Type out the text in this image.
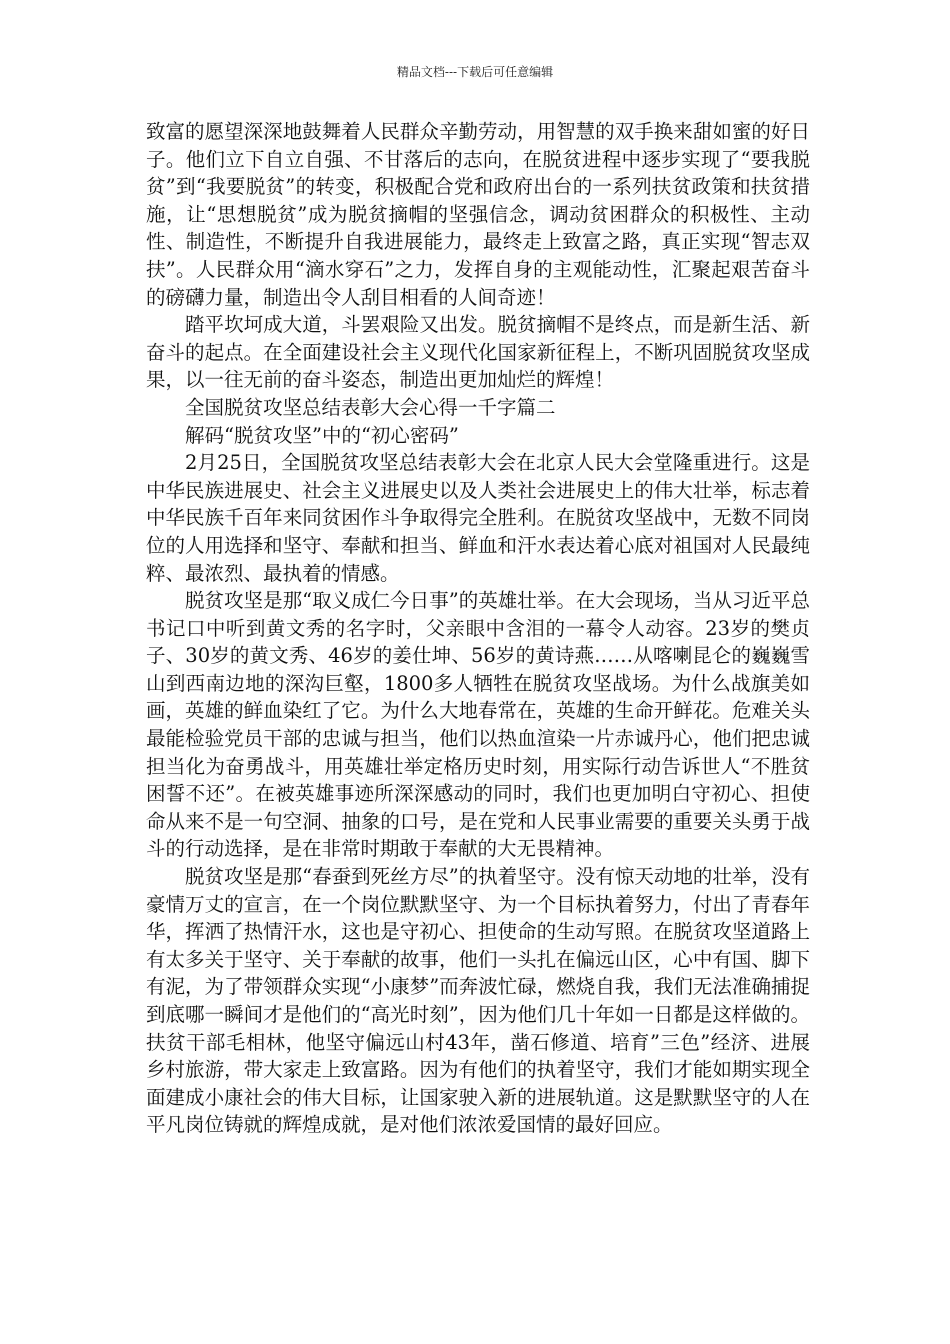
精品文档---下载后可任意编辑

致富的愿望深深地鼓舞着人民群众辛勤劳动，用智慧的双手换来甜如蜜的好日子。他们立下自立自强、不甘落后的志向，在脱贫进程中逐步实现了“要我脱贫”到“我要脱贫”的转变，积极配合党和政府出台的一系列扶贫政策和扶贫措施，让“思想脱贫”成为脱贫摘帽的坚强信念，调动贫困群众的积极性、主动性、制造性，不断提升自我进展能力，最终走上致富之路，真正实现“智志双扶”。人民群众用“滴水穿石”之力，发挥自身的主观能动性，汇聚起艰苦奋斗的磅礴力量，制造出令人刮目相看的人间奇迹！

踏平坎坷成大道，斗罢艰险又出发。脱贫摘帽不是终点，而是新生活、新奋斗的起点。在全面建设社会主义现代化国家新征程上，不断巩固脱贫攻坚成果，以一往无前的奋斗姿态，制造出更加灿烂的辉煌！

全国脱贫攻坚总结表彰大会心得一千字篇二

解码“脱贫攻坚”中的“初心密码”

2月25日，全国脱贫攻坚总结表彰大会在北京人民大会堂隆重进行。这是中华民族进展史、社会主义进展史以及人类社会进展史上的伟大壮举，标志着中华民族千百年来同贫困作斗争取得完全胜利。在脱贫攻坚战中，无数不同岗位的人用选择和坚守、奉献和担当、鲜血和汗水表达着心底对祖国对人民最纯粹、最浓烈、最执着的情感。

脱贫攻坚是那“取义成仁今日事”的英雄壮举。在大会现场，当从习近平总书记口中听到黄文秀的名字时，父亲眼中含泪的一幕令人动容。23岁的樊贞子、30岁的黄文秀、46岁的姜仕坤、56岁的黄诗燕……从喀喇昆仑的巍巍雪山到西南边地的深沟巨壑，1800多人牺牲在脱贫攻坚战场。为什么战旗美如画，英雄的鲜血染红了它。为什么大地春常在，英雄的生命开鲜花。危难关头最能检验党员干部的忠诚与担当，他们以热血渲染一片赤诚丹心，他们把忠诚担当化为奋勇战斗，用英雄壮举定格历史时刻，用实际行动告诉世人“不胜贫困誓不还”。在被英雄事迹所深深感动的同时，我们也更加明白守初心、担使命从来不是一句空洞、抽象的口号，是在党和人民事业需要的重要关头勇于战斗的行动选择，是在非常时期敢于奉献的大无畏精神。

脱贫攻坚是那“春蚕到死丝方尽”的执着坚守。没有惊天动地的壮举，没有豪情万丈的宣言，在一个岗位默默坚守、为一个目标执着努力，付出了青春年华，挥洒了热情汗水，这也是守初心、担使命的生动写照。在脱贫攻坚道路上有太多关于坚守、关于奉献的故事，他们一头扎在偏远山区，心中有国、脚下有泥，为了带领群众实现“小康梦”而奔波忙碌，燃烧自我，我们无法准确捕捉到底哪一瞬间才是他们的“高光时刻”，因为他们几十年如一日都是这样做的。扶贫干部毛相林，他坚守偏远山村43年，凿石修道、培育”三色”经济、进展乡村旅游，带大家走上致富路。因为有他们的执着坚守，我们才能如期实现全面建成小康社会的伟大目标，让国家驶入新的进展轨道。这是默默坚守的人在平凡岗位铸就的辉煌成就，是对他们浓浓爱国情的最好回应。
